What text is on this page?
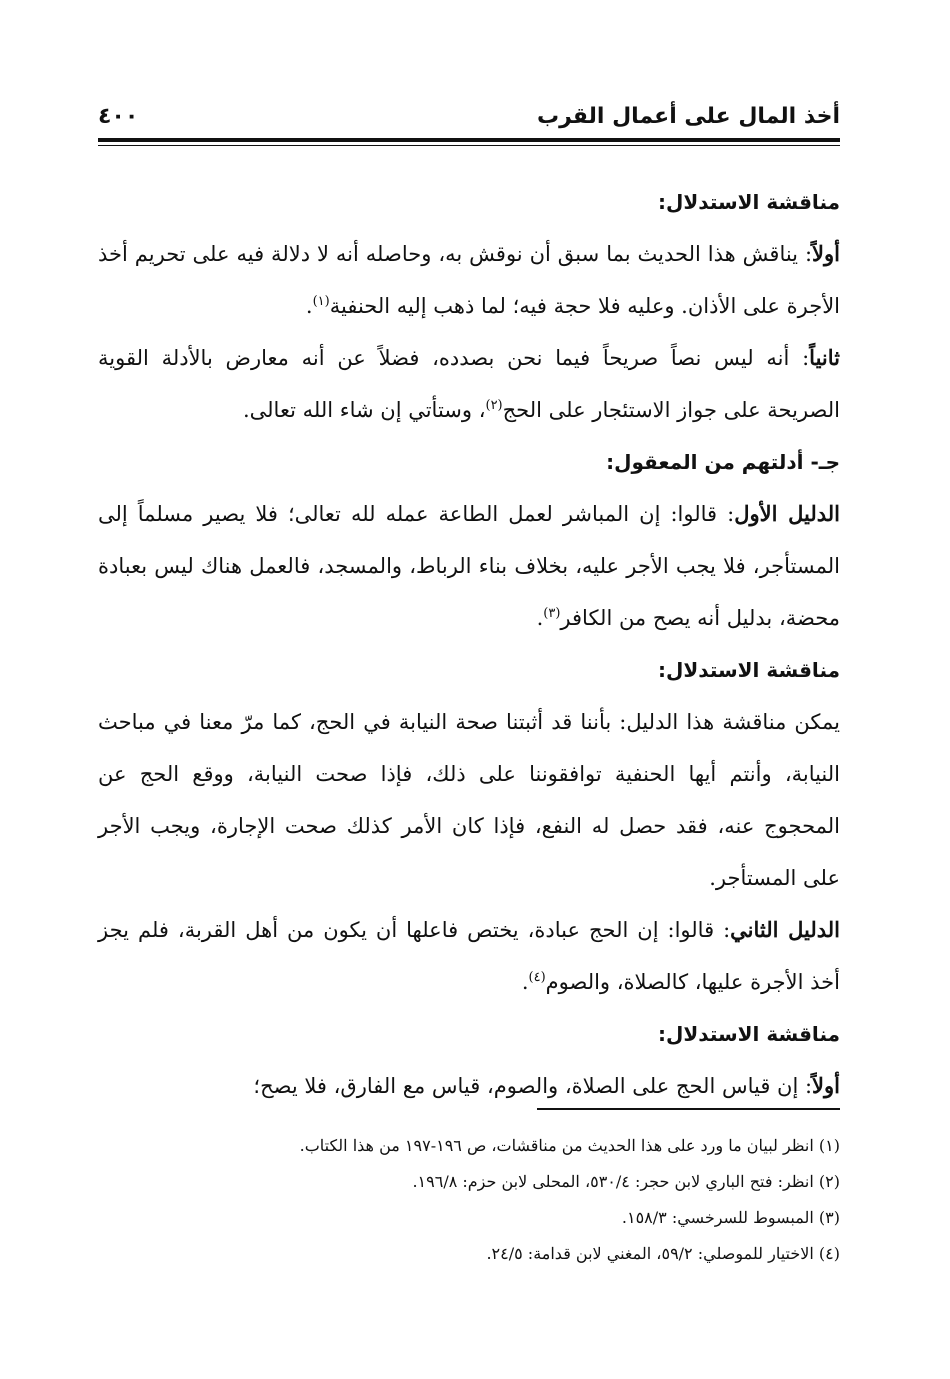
أخذ المال على أعمال القرب
٤٠٠

مناقشة الاستدلال:

أولاً: يناقش هذا الحديث بما سبق أن نوقش به، وحاصله أنه لا دلالة فيه على تحريم أخذ الأجرة على الأذان. وعليه فلا حجة فيه؛ لما ذهب إليه الحنفية$^{(١)}$.

ثانياً: أنه ليس نصاً صريحاً فيما نحن بصدده، فضلاً عن أنه معارض بالأدلة القوية الصريحة على جواز الاستئجار على الحج$^{(٢)}$، وستأتي إن شاء الله تعالى.

جـ- أدلتهم من المعقول:

الدليل الأول: قالوا: إن المباشر لعمل الطاعة عمله لله تعالى؛ فلا يصير مسلماً إلى المستأجر، فلا يجب الأجر عليه، بخلاف بناء الرباط، والمسجد، فالعمل هناك ليس بعبادة محضة، بدليل أنه يصح من الكافر$^{(٣)}$.

مناقشة الاستدلال:

يمكن مناقشة هذا الدليل: بأننا قد أثبتنا صحة النيابة في الحج، كما مرّ معنا في مباحث النيابة، وأنتم أيها الحنفية توافقوننا على ذلك، فإذا صحت النيابة، ووقع الحج عن المحجوج عنه، فقد حصل له النفع، فإذا كان الأمر كذلك صحت الإجارة، ويجب الأجر على المستأجر.

الدليل الثاني: قالوا: إن الحج عبادة، يختص فاعلها أن يكون من أهل القربة، فلم يجز أخذ الأجرة عليها، كالصلاة، والصوم$^{(٤)}$.

مناقشة الاستدلال:

أولاً: إن قياس الحج على الصلاة، والصوم، قياس مع الفارق، فلا يصح؛

(١) انظر لبيان ما ورد على هذا الحديث من مناقشات، ص ١٩٦-١٩٧ من هذا الكتاب.

(٢) انظر: فتح الباري لابن حجر: ٥٣٠/٤، المحلى لابن حزم: ١٩٦/٨.

(٣) المبسوط للسرخسي: ١٥٨/٣.

(٤) الاختيار للموصلي: ٥٩/٢، المغني لابن قدامة: ٢٤/٥.
